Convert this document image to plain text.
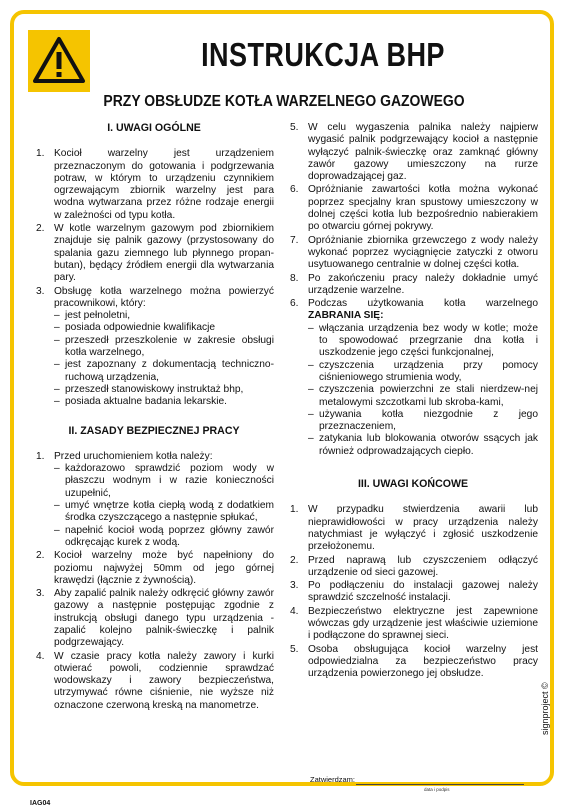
INSTRUKCJA BHP
PRZY OBSŁUDZE KOTŁA WARZELNEGO GAZOWEGO
I. UWAGI OGÓLNE
1. Kocioł warzelny jest urządzeniem przeznaczonym do gotowania i podgrzewania potraw, w którym to urządzeniu czynnikiem ogrzewającym zbiornik warzelny jest para wodna wytwarzana przez różne rodzaje energii w zależności od typu kotła.
2. W kotle warzelnym gazowym pod zbiornikiem znajduje się palnik gazowy (przystosowany do spalania gazu ziemnego lub płynnego propan-butan), będący źródłem energii dla wytwarzania pary.
3. Obsługę kotła warzelnego można powierzyć pracownikowi, który:
– jest pełnoletni,
– posiada odpowiednie kwalifikacje
– przeszedł przeszkolenie w zakresie obsługi kotła warzelnego,
– jest zapoznany z dokumentacją techniczno-ruchową urządzenia,
– przeszedł stanowiskowy instruktaż bhp,
– posiada aktualne badania lekarskie.
II. ZASADY BEZPIECZNEJ PRACY
1. Przed uruchomieniem kotła należy:
– każdorazowo sprawdzić poziom wody w płaszczu wodnym i w razie konieczności uzupełnić,
– umyć wnętrze kotła ciepłą wodą z dodatkiem środka czyszczącego a następnie spłukać,
– napełnić kocioł wodą poprzez główny zawór odkręcając kurek z wodą.
2. Kocioł warzelny może być napełniony do poziomu najwyżej 50mm od jego górnej krawędzi (łącznie z żywnością).
3. Aby zapalić palnik należy odkręcić główny zawór gazowy a następnie postępując zgodnie z instrukcją obsługi danego typu urządzenia - zapalić kolejno palnik-świeczkę i palnik podgrzewający.
4. W czasie pracy kotła należy zawory i kurki otwierać powoli, codziennie sprawdzać wodowskazy i zawory bezpieczeństwa, utrzymywać równe ciśnienie, nie wyższe niż oznaczone czerwoną kreską na manometrze.
5. W celu wygaszenia palnika należy najpierw wygasić palnik podgrzewający kocioł a następnie wyłączyć palnik-świeczkę oraz zamknąć główny zawór gazowy umieszczony na rurze doprowadzającej gaz.
6. Opróżnianie zawartości kotła można wykonać poprzez specjalny kran spustowy umieszczony w dolnej części kotła lub bezpośrednio nabierakiem po otwarciu górnej pokrywy.
7. Opróżnianie zbiornika grzewczego z wody należy wykonać poprzez wyciągnięcie zatyczki z otworu usytuowanego centralnie w dolnej części kotła.
8. Po zakończeniu pracy należy dokładnie umyć urządzenie warzelne.
6. Podczas użytkowania kotła warzelnego ZABRANIA SIĘ:
– włączania urządzenia bez wody w kotle; może to spowodować przegrzanie dna kotła i uszkodzenie jego części funkcjonalnej,
– czyszczenia urządzenia przy pomocy ciśnieniowego strumienia wody,
– czyszczenia powierzchni ze stali nierdzew-nej metalowymi szczotkami lub skroba-kami,
– używania kotła niezgodnie z jego przeznaczeniem,
– zatykania lub blokowania otworów ssących jak również odprowadzających ciepło.
III. UWAGI KOŃCOWE
1. W przypadku stwierdzenia awarii lub nieprawidłowości w pracy urządzenia należy natychmiast je wyłączyć i zgłosić uszkodzenie przełożonemu.
2. Przed naprawą lub czyszczeniem odłączyć urządzenie od sieci gazowej.
3. Po podłączeniu do instalacji gazowej należy sprawdzić szczelność instalacji.
4. Bezpieczeństwo elektryczne jest zapewnione wówczas gdy urządzenie jest właściwie uziemione i podłączone do sprawnej sieci.
5. Osoba obsługująca kocioł warzelny jest odpowiedzialna za bezpieczeństwo pracy urządzenia powierzonego jej obsłudze.
signproject ©
Zatwierdzam:
data i podpis
IAG04
